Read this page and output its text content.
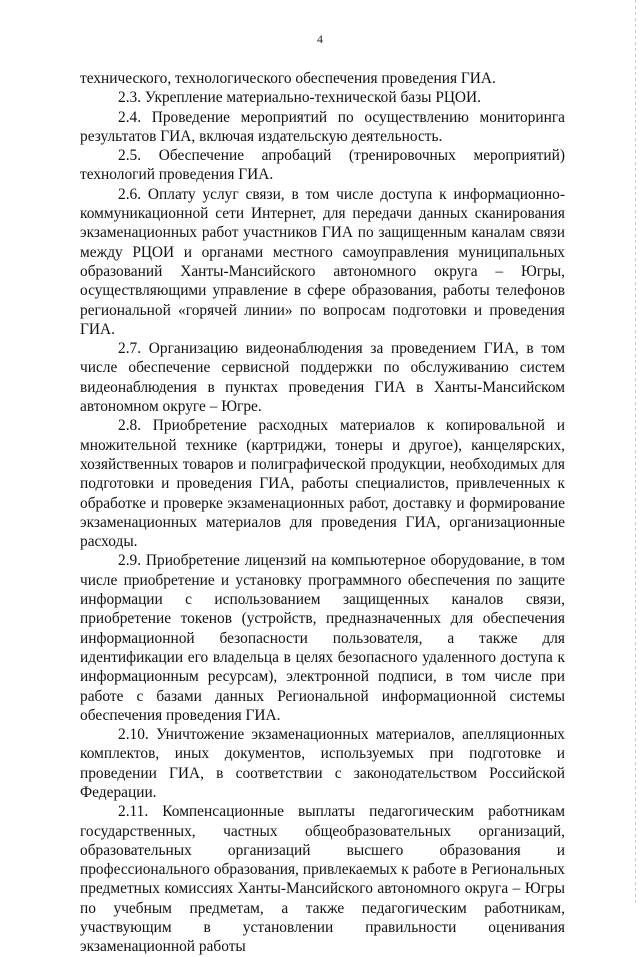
4

технического, технологического обеспечения проведения ГИА.

2.3. Укрепление материально-технической базы РЦОИ.

2.4. Проведение мероприятий по осуществлению мониторинга результатов ГИА, включая издательскую деятельность.

2.5. Обеспечение апробаций (тренировочных мероприятий) технологий проведения ГИА.

2.6. Оплату услуг связи, в том числе доступа к информационно-коммуникационной сети Интернет, для передачи данных сканирования экзаменационных работ участников ГИА по защищенным каналам связи между РЦОИ и органами местного самоуправления муниципальных образований Ханты-Мансийского автономного округа – Югры, осуществляющими управление в сфере образования, работы телефонов региональной «горячей линии» по вопросам подготовки и проведения ГИА.

2.7. Организацию видеонаблюдения за проведением ГИА, в том числе обеспечение сервисной поддержки по обслуживанию систем видеонаблюдения в пунктах проведения ГИА в Ханты-Мансийском автономном округе – Югре.

2.8. Приобретение расходных материалов к копировальной и множительной технике (картриджи, тонеры и другое), канцелярских, хозяйственных товаров и полиграфической продукции, необходимых для подготовки и проведения ГИА, работы специалистов, привлеченных к обработке и проверке экзаменационных работ, доставку и формирование экзаменационных материалов для проведения ГИА, организационные расходы.

2.9. Приобретение лицензий на компьютерное оборудование, в том числе приобретение и установку программного обеспечения по защите информации с использованием защищенных каналов связи, приобретение токенов (устройств, предназначенных для обеспечения информационной безопасности пользователя, а также для идентификации его владельца в целях безопасного удаленного доступа к информационным ресурсам), электронной подписи, в том числе при работе с базами данных Региональной информационной системы обеспечения проведения ГИА.

2.10. Уничтожение экзаменационных материалов, апелляционных комплектов, иных документов, используемых при подготовке и проведении ГИА, в соответствии с законодательством Российской Федерации.

2.11. Компенсационные выплаты педагогическим работникам государственных, частных общеобразовательных организаций, образовательных организаций высшего образования и профессионального образования, привлекаемых к работе в Региональных предметных комиссиях Ханты-Мансийского автономного округа – Югры по учебным предметам, а также педагогическим работникам, участвующим в установлении правильности оценивания экзаменационной работы
